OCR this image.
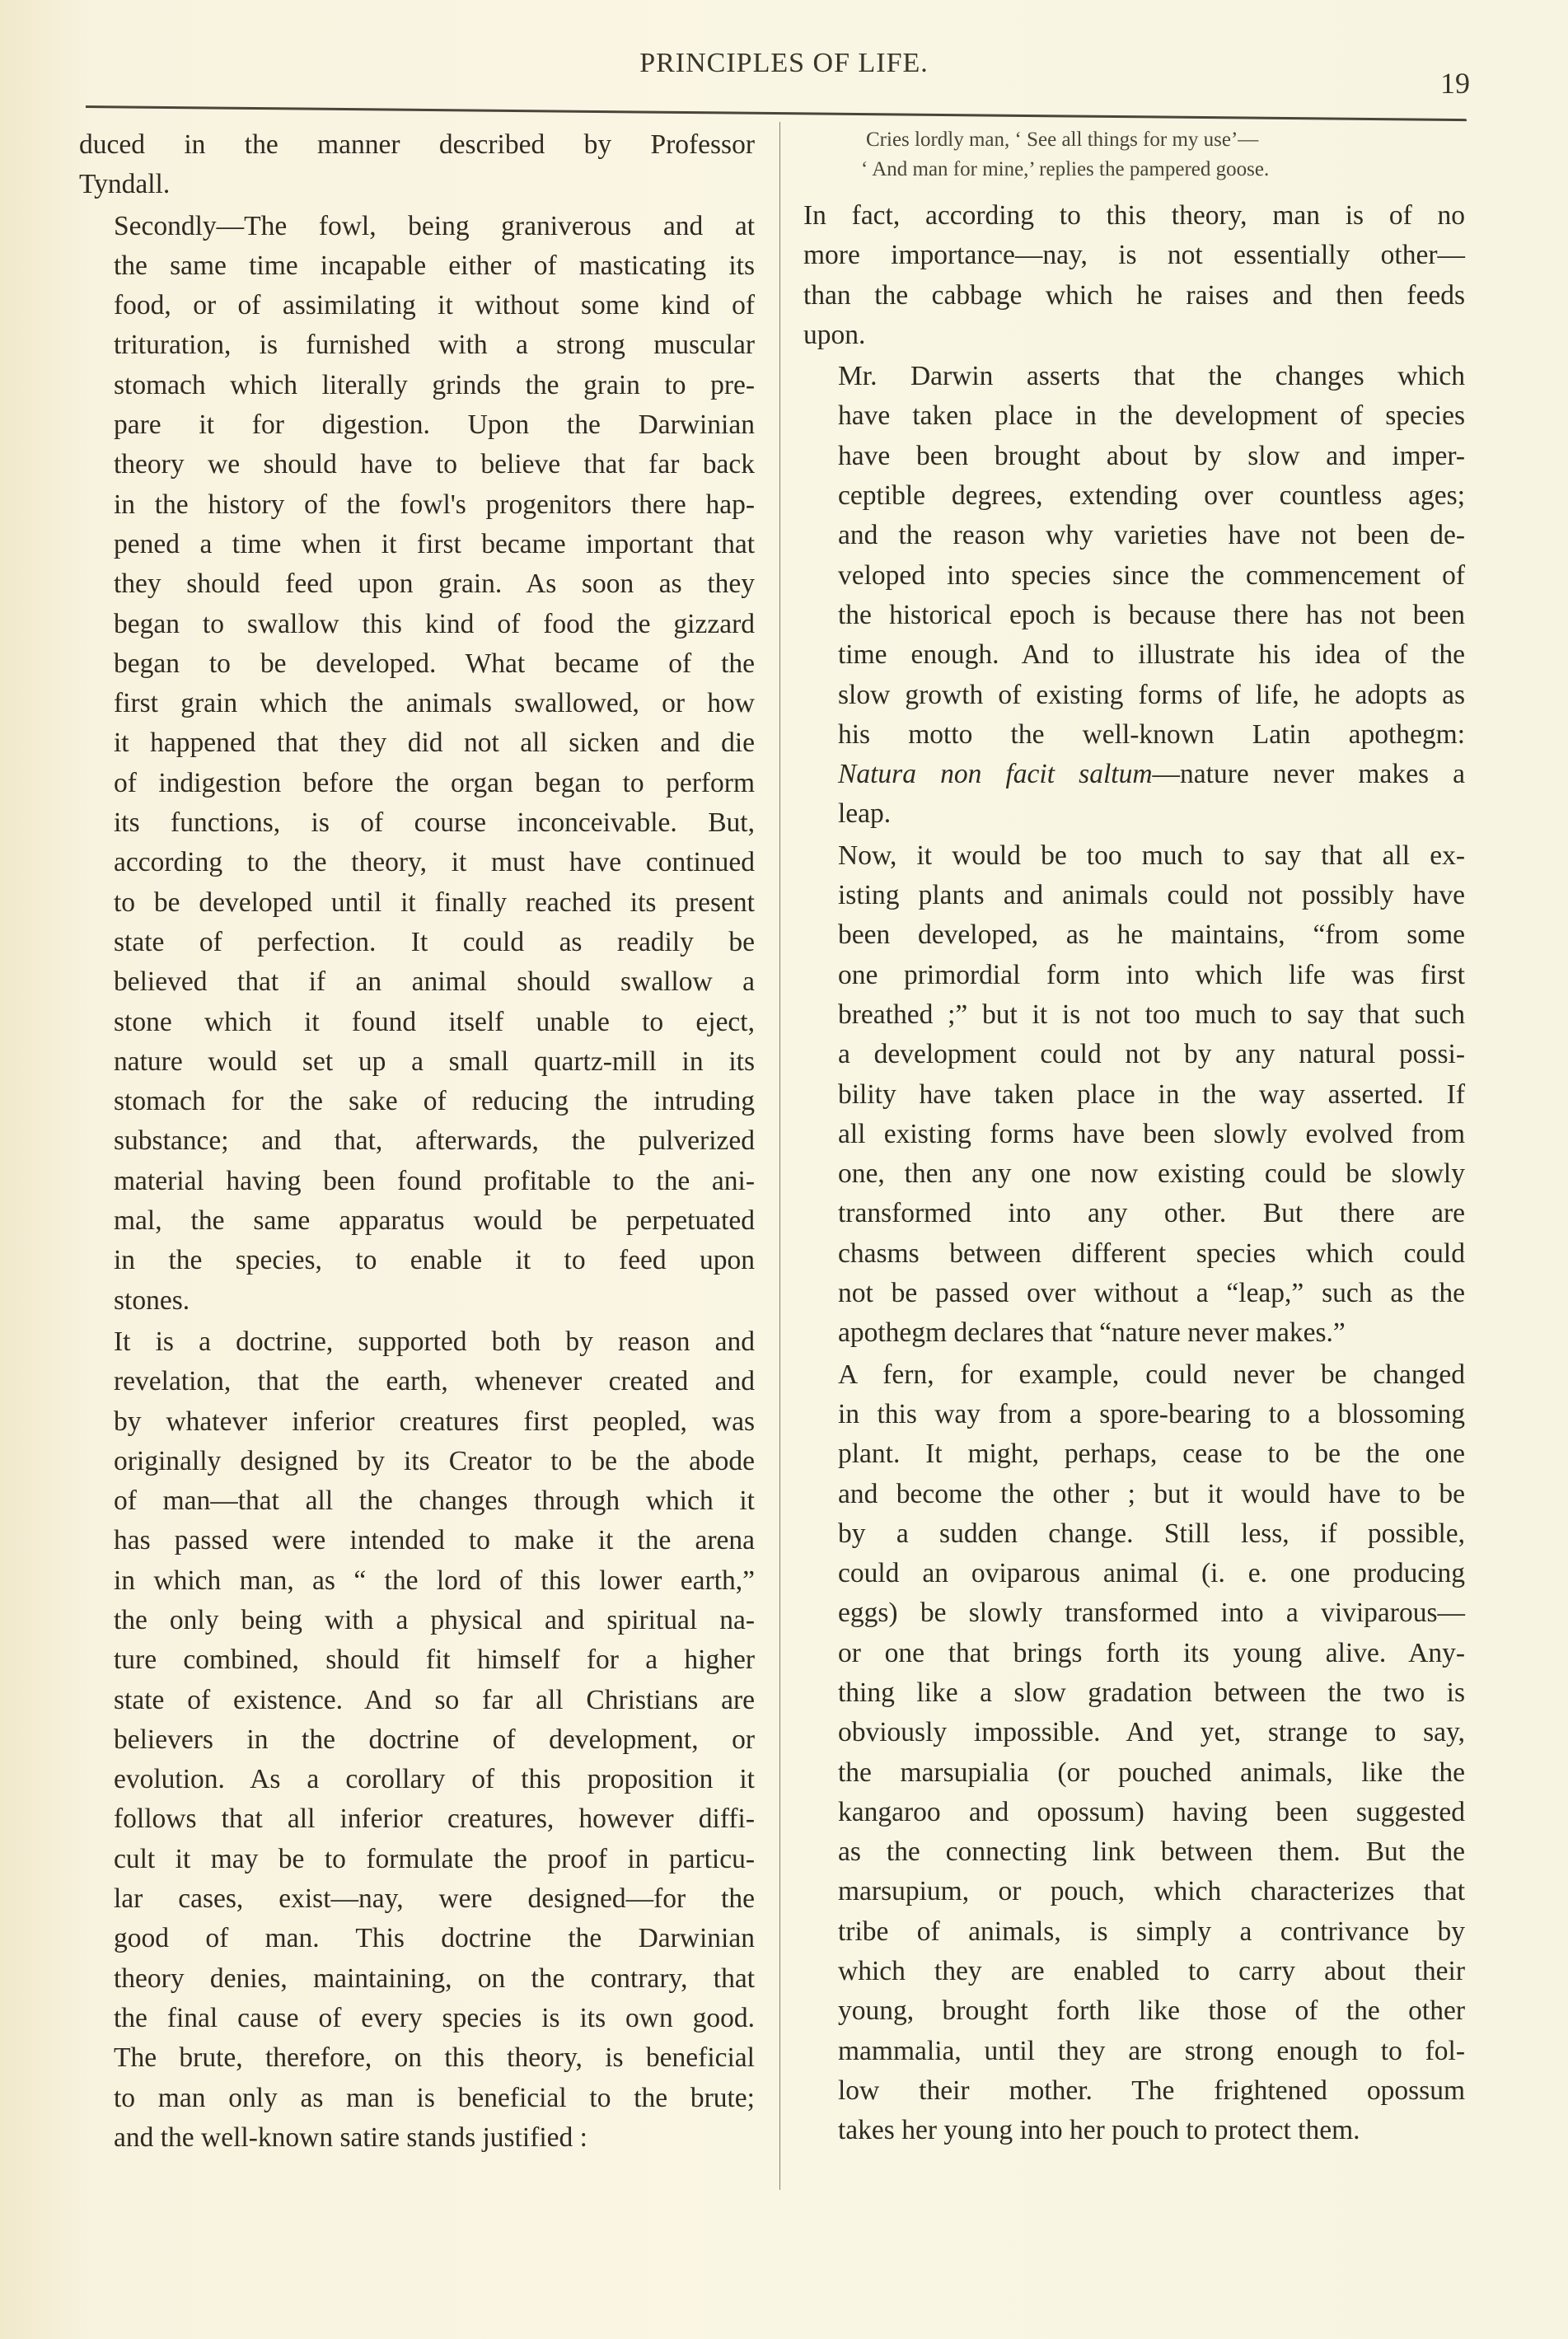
PRINCIPLES OF LIFE.
19

duced in the manner described by Professor
Tyndall.

Secondly—The fowl, being graniverous and at
the same time incapable either of masticating its
food, or of assimilating it without some kind of
trituration, is furnished with a strong muscular
stomach which literally grinds the grain to pre-
pare it for digestion. Upon the Darwinian
theory we should have to believe that far back
in the history of the fowl's progenitors there hap-
pened a time when it first became important that
they should feed upon grain. As soon as they
began to swallow this kind of food the gizzard
began to be developed. What became of the
first grain which the animals swallowed, or how
it happened that they did not all sicken and die
of indigestion before the organ began to perform
its functions, is of course inconceivable. But,
according to the theory, it must have continued
to be developed until it finally reached its present
state of perfection. It could as readily be
believed that if an animal should swallow a
stone which it found itself unable to eject,
nature would set up a small quartz-mill in its
stomach for the sake of reducing the intruding
substance; and that, afterwards, the pulverized
material having been found profitable to the ani-
mal, the same apparatus would be perpetuated
in the species, to enable it to feed upon
stones.

It is a doctrine, supported both by reason and
revelation, that the earth, whenever created and
by whatever inferior creatures first peopled, was
originally designed by its Creator to be the abode
of man—that all the changes through which it
has passed were intended to make it the arena
in which man, as “ the lord of this lower earth,”
the only being with a physical and spiritual na-
ture combined, should fit himself for a higher
state of existence. And so far all Christians are
believers in the doctrine of development, or
evolution. As a corollary of this proposition it
follows that all inferior creatures, however diffi-
cult it may be to formulate the proof in particu-
lar cases, exist—nay, were designed—for the
good of man. This doctrine the Darwinian
theory denies, maintaining, on the contrary, that
the final cause of every species is its own good.
The brute, therefore, on this theory, is beneficial
to man only as man is beneficial to the brute;
and the well-known satire stands justified :

Cries lordly man, ‘ See all things for my use’—
‘ And man for mine,’ replies the pampered goose.

In fact, according to this theory, man is of no
more importance—nay, is not essentially other—
than the cabbage which he raises and then feeds
upon.

Mr. Darwin asserts that the changes which
have taken place in the development of species
have been brought about by slow and imper-
ceptible degrees, extending over countless ages;
and the reason why varieties have not been de-
veloped into species since the commencement of
the historical epoch is because there has not been
time enough. And to illustrate his idea of the
slow growth of existing forms of life, he adopts as
his motto the well-known Latin apothegm:
Natura non facit saltum—nature never makes a
leap.

Now, it would be too much to say that all ex-
isting plants and animals could not possibly have
been developed, as he maintains, “from some
one primordial form into which life was first
breathed ;” but it is not too much to say that such
a development could not by any natural possi-
bility have taken place in the way asserted. If
all existing forms have been slowly evolved from
one, then any one now existing could be slowly
transformed into any other. But there are
chasms between different species which could
not be passed over without a “leap,” such as the
apothegm declares that “nature never makes.”

A fern, for example, could never be changed
in this way from a spore-bearing to a blossoming
plant. It might, perhaps, cease to be the one
and become the other ; but it would have to be
by a sudden change. Still less, if possible,
could an oviparous animal (i. e. one producing
eggs) be slowly transformed into a viviparous—
or one that brings forth its young alive. Any-
thing like a slow gradation between the two is
obviously impossible. And yet, strange to say,
the marsupialia (or pouched animals, like the
kangaroo and opossum) having been suggested
as the connecting link between them. But the
marsupium, or pouch, which characterizes that
tribe of animals, is simply a contrivance by
which they are enabled to carry about their
young, brought forth like those of the other
mammalia, until they are strong enough to fol-
low their mother. The frightened opossum
takes her young into her pouch to protect them.
